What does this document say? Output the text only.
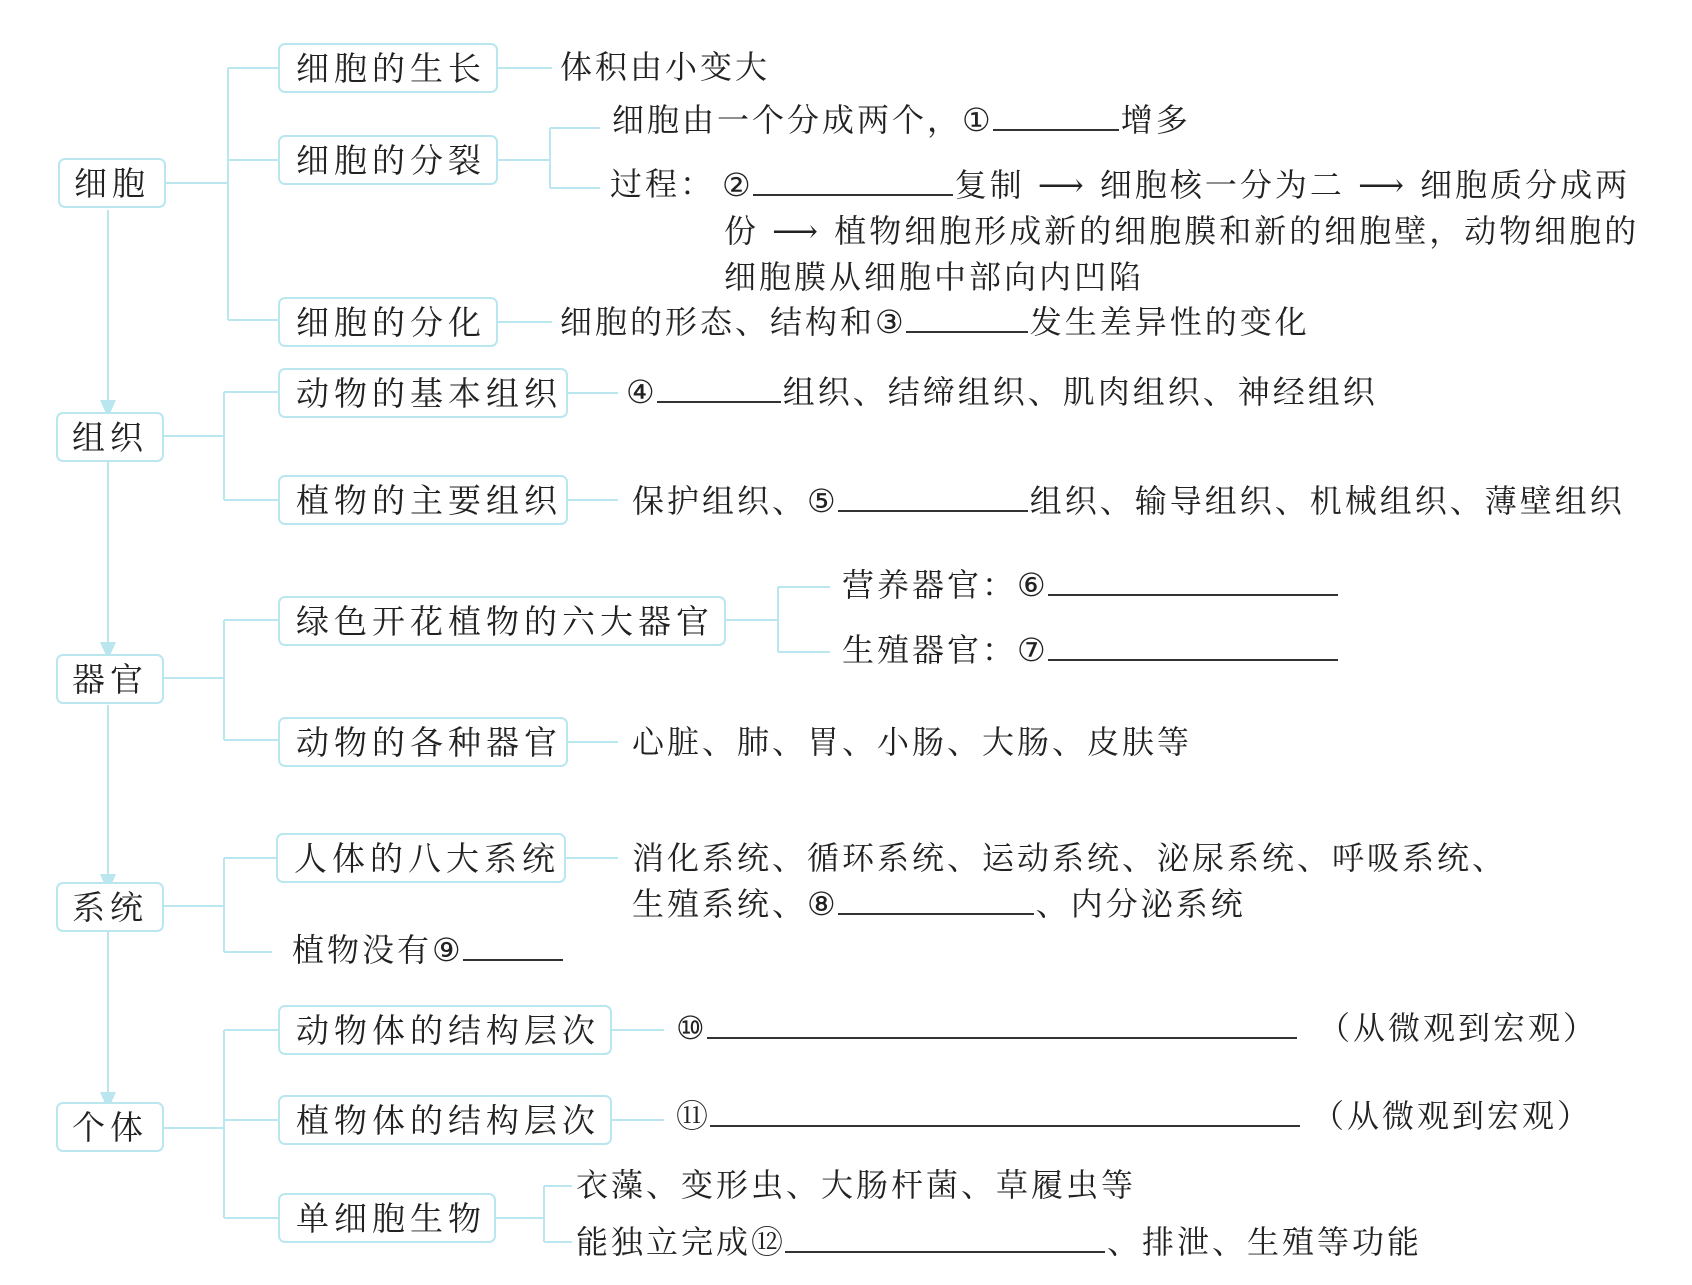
细胞
组织
器官
系统
个体
细胞的生长	体积由小变大
细胞的分裂
细胞由一个分成两个，①	增多
过程： ②	复制 ⟶ 细胞核一分为二 ⟶ 细胞质分成两份 ⟶ 植物细胞形成新的细胞膜和新的细胞壁，动物细胞的细胞膜从细胞中部向内凹陷
细胞的分化	细胞的形态、结构和③	发生差异性的变化
动物的基本组织 ④	组织、结缔组织、肌肉组织、神经组织
植物的主要组织 保护组织、⑤	组织、输导组织、机械组织、薄壁组织
绿色开花植物的六大器官
营养器官：⑥
生殖器官：⑦
动物的各种器官 心脏、肺、胃、小肠、大肠、皮肤等
人体的八大系统 消化系统、循环系统、运动系统、泌尿系统、呼吸系统、
生殖系统、⑧	、内分泌系统
植物没有⑨
动物体的结构层次	⑩	（从微观到宏观）
植物体的结构层次	⑪	（从微观到宏观）
单细胞生物
衣藻、变形虫、大肠杆菌、草履虫等
能独立完成⑫	、排泄、生殖等功能
